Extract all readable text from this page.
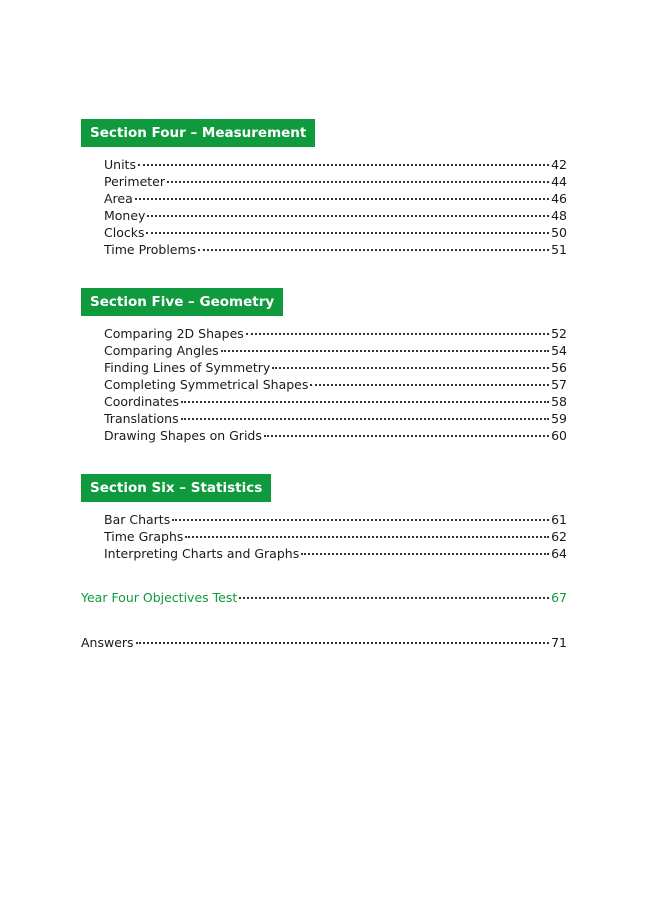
Section Four – Measurement
Units	42
Perimeter	44
Area	46
Money	48
Clocks	50
Time Problems	51
Section Five – Geometry
Comparing 2D Shapes	52
Comparing Angles	54
Finding Lines of Symmetry	56
Completing Symmetrical Shapes	57
Coordinates	58
Translations	59
Drawing Shapes on Grids	60
Section Six – Statistics
Bar Charts	61
Time Graphs	62
Interpreting Charts and Graphs	64
Year Four Objectives Test	67
Answers	71
